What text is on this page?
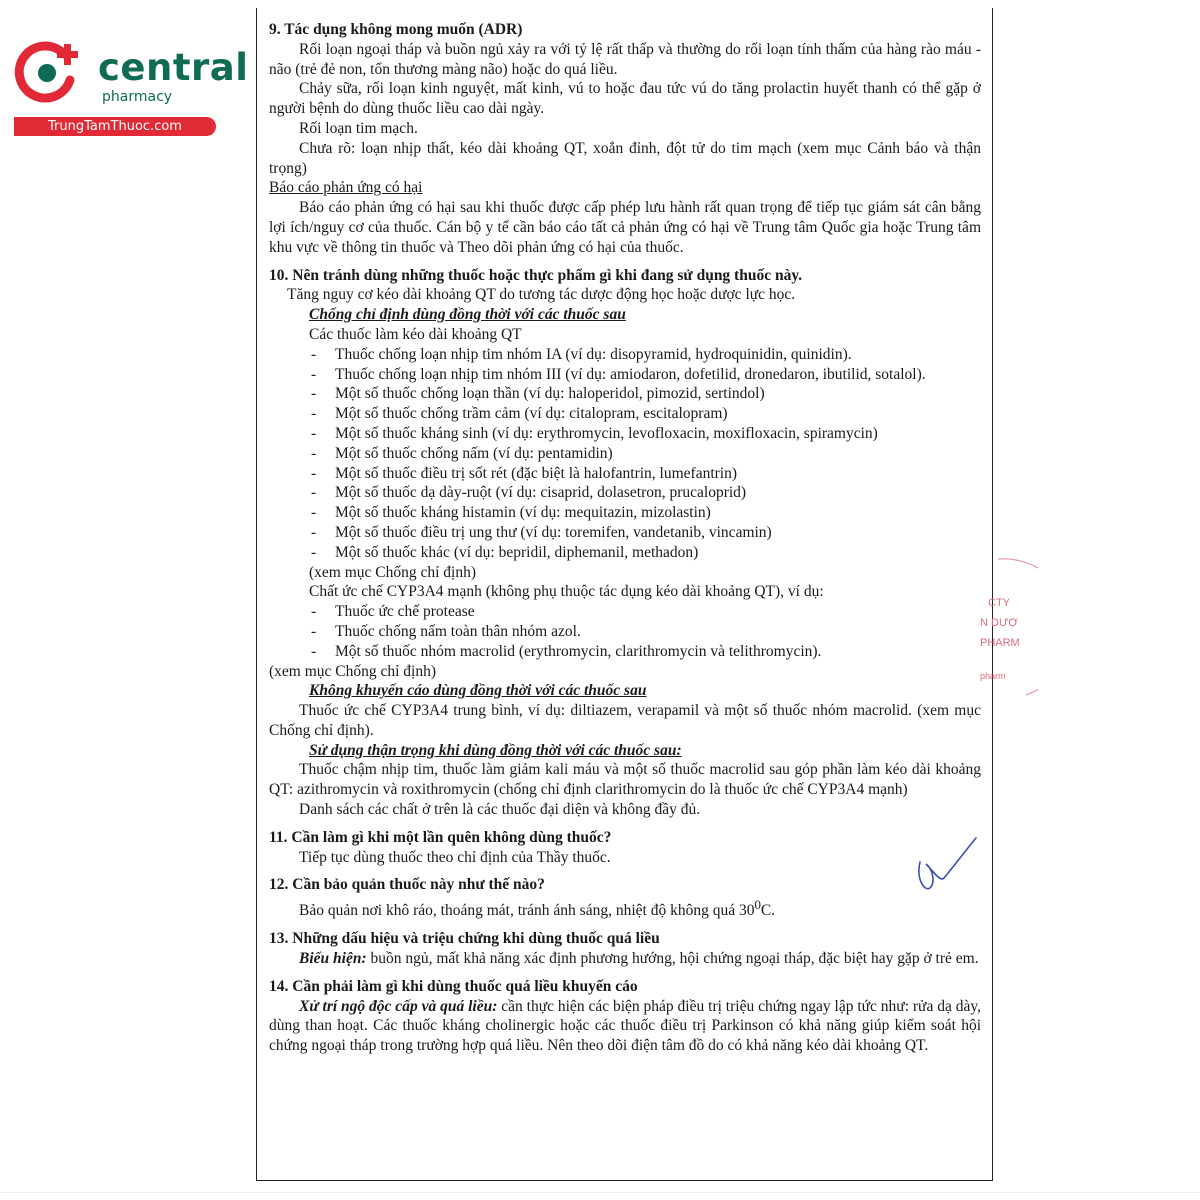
central
pharmacy
TrungTamThuoc.com

9. Tác dụng không mong muốn (ADR)

Rối loạn ngoại tháp và buồn ngủ xảy ra với tỷ lệ rất thấp và thường do rối loạn tính thấm của hàng rào máu - não (trẻ đẻ non, tổn thương màng não) hoặc do quá liều.

Chảy sữa, rối loạn kinh nguyệt, mất kinh, vú to hoặc đau tức vú do tăng prolactin huyết thanh có thể gặp ở người bệnh do dùng thuốc liều cao dài ngày.

Rối loạn tim mạch.

Chưa rõ: loạn nhịp thất, kéo dài khoảng QT, xoắn đỉnh, đột tử do tim mạch (xem mục Cảnh báo và thận trọng)

Báo cáo phản ứng có hại

Báo cáo phản ứng có hại sau khi thuốc được cấp phép lưu hành rất quan trọng để tiếp tục giám sát cân bằng lợi ích/nguy cơ của thuốc. Cán bộ y tế cần báo cáo tất cả phản ứng có hại về Trung tâm Quốc gia hoặc Trung tâm khu vực về thông tin thuốc và Theo dõi phản ứng có hại của thuốc.

10. Nên tránh dùng những thuốc hoặc thực phẩm gì khi đang sử dụng thuốc này.

Tăng nguy cơ kéo dài khoảng QT do tương tác dược động học hoặc dược lực học.

Chống chỉ định dùng đồng thời với các thuốc sau

Các thuốc làm kéo dài khoảng QT

- Thuốc chống loạn nhịp tim nhóm IA (ví dụ: disopyramid, hydroquinidin, quinidin).
- Thuốc chống loạn nhịp tim nhóm III (ví dụ: amiodaron, dofetilid, dronedaron, ibutilid, sotalol).
- Một số thuốc chống loạn thần (ví dụ: haloperidol, pimozid, sertindol)
- Một số thuốc chống trầm cảm (ví dụ: citalopram, escitalopram)
- Một số thuốc kháng sinh (ví dụ: erythromycin, levofloxacin, moxifloxacin, spiramycin)
- Một số thuốc chống nấm (ví dụ: pentamidin)
- Một số thuốc điều trị sốt rét (đặc biệt là halofantrin, lumefantrin)
- Một số thuốc dạ dày-ruột (ví dụ: cisaprid, dolasetron, prucaloprid)
- Một số thuốc kháng histamin (ví dụ: mequitazin, mizolastin)
- Một số thuốc điều trị ung thư (ví dụ: toremifen, vandetanib, vincamin)
- Một số thuốc khác (ví dụ: bepridil, diphemanil, methadon)

(xem mục Chống chỉ định)

Chất ức chế CYP3A4 mạnh (không phụ thuộc tác dụng kéo dài khoảng QT), ví dụ:

- Thuốc ức chế protease
- Thuốc chống nấm toàn thân nhóm azol.
- Một số thuốc nhóm macrolid (erythromycin, clarithromycin và telithromycin).

(xem mục Chống chỉ định)

Không khuyến cáo dùng đồng thời với các thuốc sau

Thuốc ức chế CYP3A4 trung bình, ví dụ: diltiazem, verapamil và một số thuốc nhóm macrolid. (xem mục Chống chỉ định).

Sử dụng thận trọng khi dùng đồng thời với các thuốc sau:

Thuốc chậm nhịp tim, thuốc làm giảm kali máu và một số thuốc macrolid sau góp phần làm kéo dài khoảng QT: azithromycin và roxithromycin (chống chỉ định clarithromycin do là thuốc ức chế CYP3A4 mạnh)

Danh sách các chất ở trên là các thuốc đại diện và không đầy đủ.

11. Cần làm gì khi một lần quên không dùng thuốc?

Tiếp tục dùng thuốc theo chỉ định của Thầy thuốc.

12. Cần bảo quản thuốc này như thế nào?

Bảo quản nơi khô ráo, thoáng mát, tránh ánh sáng, nhiệt độ không quá $30^0C$.

13. Những dấu hiệu và triệu chứng khi dùng thuốc quá liều

Biểu hiện: buồn ngủ, mất khả năng xác định phương hướng, hội chứng ngoại tháp, đặc biệt hay gặp ở trẻ em.

14. Cần phải làm gì khi dùng thuốc quá liều khuyến cáo

Xử trí ngộ độc cấp và quá liều: cần thực hiện các biện pháp điều trị triệu chứng ngay lập tức như: rửa dạ dày, dùng than hoạt. Các thuốc kháng cholinergic hoặc các thuốc điều trị Parkinson có khả năng giúp kiểm soát hội chứng ngoại tháp trong trường hợp quá liều. Nên theo dõi điện tâm đồ do có khả năng kéo dài khoảng QT.

CTY
N DƯỢ
PHARM
pharm
